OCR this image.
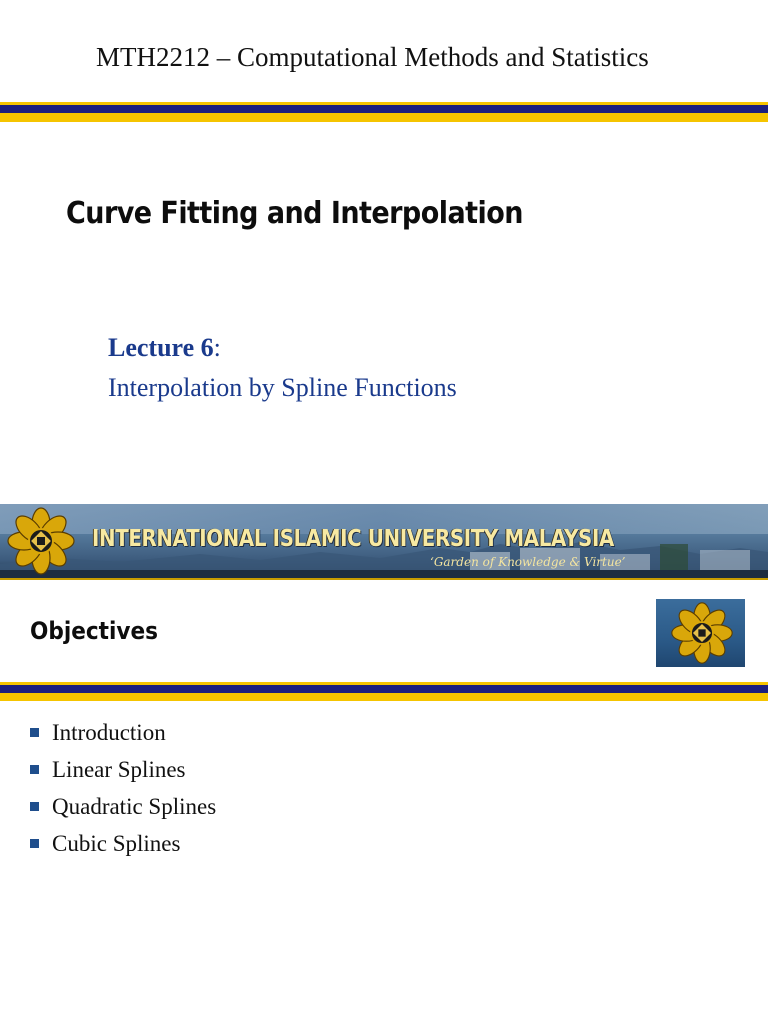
MTH2212 – Computational Methods and Statistics
Curve Fitting and Interpolation
Lecture 6:
Interpolation by Spline Functions
INTERNATIONAL ISLAMIC UNIVERSITY MALAYSIA
‘Garden of Knowledge & Virtue’
Objectives
Introduction
Linear Splines
Quadratic Splines
Cubic Splines
